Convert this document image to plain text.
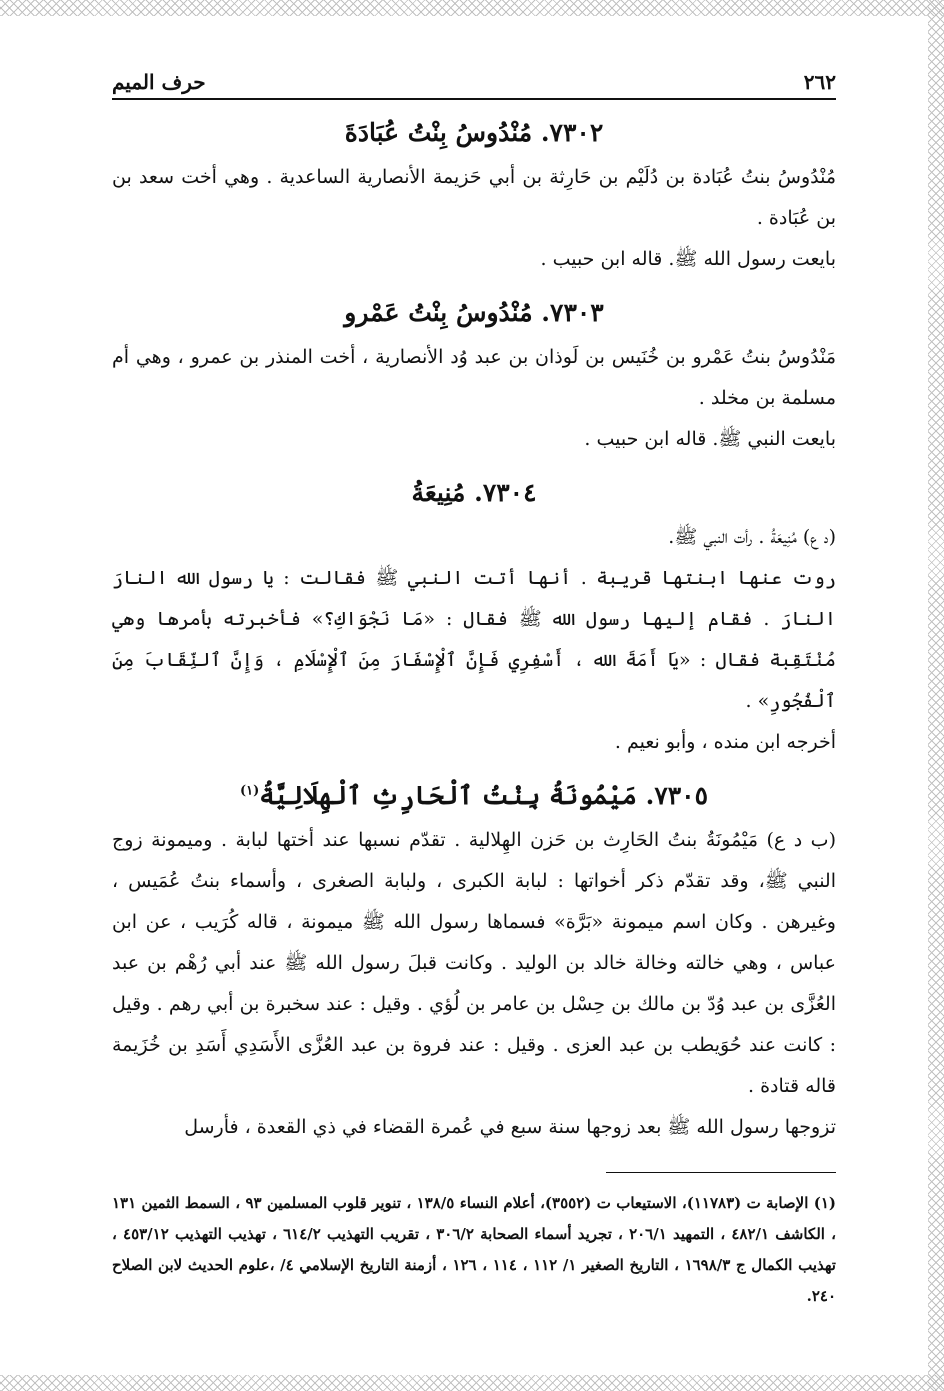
٢٦٢
حرف الميم
٧٣٠٢. مُنْدُوسُ بِنْتُ عُبَادَةَ

مُنْدُوسُ بنتُ عُبَادة بن دُلَيْم بن حَارِثة بن أبي حَزيمة الأنصارية الساعدية . وهي أخت سعد بن بن عُبَادة .

بايعت رسول الله ﷺ. قاله ابن حبيب .

٧٣٠٣. مُنْدُوسُ بِنْتُ عَمْرو

مَنْدُوسُ بنتُ عَمْرو بن خُنَيس بن لَوذان بن عبد وُد الأنصارية ، أخت المنذر بن عمرو ، وهي أم مسلمة بن مخلد .

بايعت النبي ﷺ. قاله ابن حبيب .

٧٣٠٤. مُنِيعَةُ

(د ع) مُنِيعَةُ . رأت النبي ﷺ.

روت عنها ابنتها قريبة . أنها أتت النبي ﷺ فقالت : يا رسول الله النارَ النارَ . فقام إليها رسول الله ﷺ فقال : «مَا نَجْوَاكِ؟» فأخبرته بأمرها وهي مُنْتَقِبة فقال : «يَا أَمَةَ الله ، أَسْفِرِي فَإِنَّ ٱلْإِسْفَارَ مِنَ ٱلْإِسْلَامِ ، وَإِنَّ ٱلنِّقَابَ مِنَ ٱلْفُجُورِ» .

أخرجه ابن منده ، وأبو نعيم .

٧٣٠٥. مَيْمُونَةُ بِنْتُ ٱلْحَارِثِ ٱلْهِلَالِيَّةُ$^{(١)}$

(ب د ع) مَيْمُونَةُ بنتُ الحَارِث بن حَزن الهِلالية . تقدّم نسبها عند أختها لبابة . وميمونة زوج النبي ﷺ، وقد تقدّم ذكر أخواتها : لبابة الكبرى ، ولبابة الصغرى ، وأسماء بنتُ عُمَيس ، وغيرهن . وكان اسم ميمونة «بَرَّة» فسماها رسول الله ﷺ ميمونة ، قاله كُرَيب ، عن ابن عباس ، وهي خالته وخالة خالد بن الوليد . وكانت قبلَ رسول الله ﷺ عند أبي رُهْم بن عبد العُزَّى بن عبد وُدّ بن مالك بن حِسْل بن عامر بن لُؤي . وقيل : عند سخبرة بن أبي رهم . وقيل : كانت عند حُوَيطب بن عبد العزى . وقيل : عند فروة بن عبد العُزَّى الأَسَدِي أَسَدِ بن خُزَيمة قاله قتادة .

تزوجها رسول الله ﷺ بعد زوجها سنة سبع في عُمرة القضاء في ذي القعدة ، فأرسل

(١) الإصابة ت (١١٧٨٣)، الاستيعاب ت (٣٥٥٢)، أعلام النساء ١٣٨/٥ ، تنوير قلوب المسلمين ٩٣ ، السمط الثمين ١٣١ ، الكاشف ٤٨٢/١ ، التمهيد ٢٠٦/١ ، تجريد أسماء الصحابة ٣٠٦/٢ ، تقريب التهذيب ٦١٤/٢ ، تهذيب التهذيب ٤٥٣/١٢ ، تهذيب الكمال ج ١٦٩٨/٣ ، التاريخ الصغير ١/ ١١٢ ، ١١٤ ، ١٢٦ ، أزمنة التاريخ الإسلامي ٤/ ،علوم الحديث لابن الصلاح ٢٤٠.
